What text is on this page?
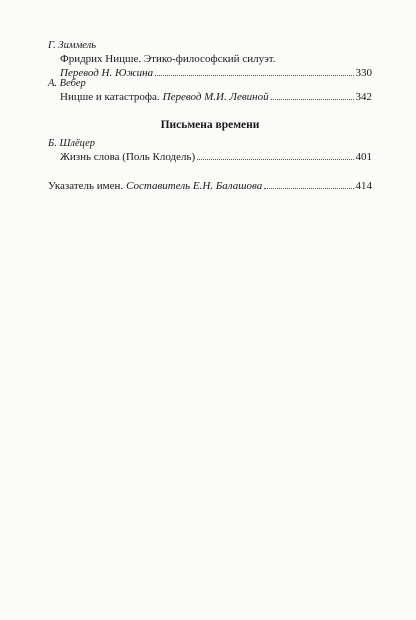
Г. Зиммель
Фридрих Ницше. Этико-философский силуэт.
Перевод Н. Южина	330
А. Вебер
Ницше и катастрофа. Перевод М.И. Левиной	342
Письмена времени
Б. Шлёцер
Жизнь слова (Поль Клодель)	401
Указатель имен. Составитель Е.Н. Балашова	414
